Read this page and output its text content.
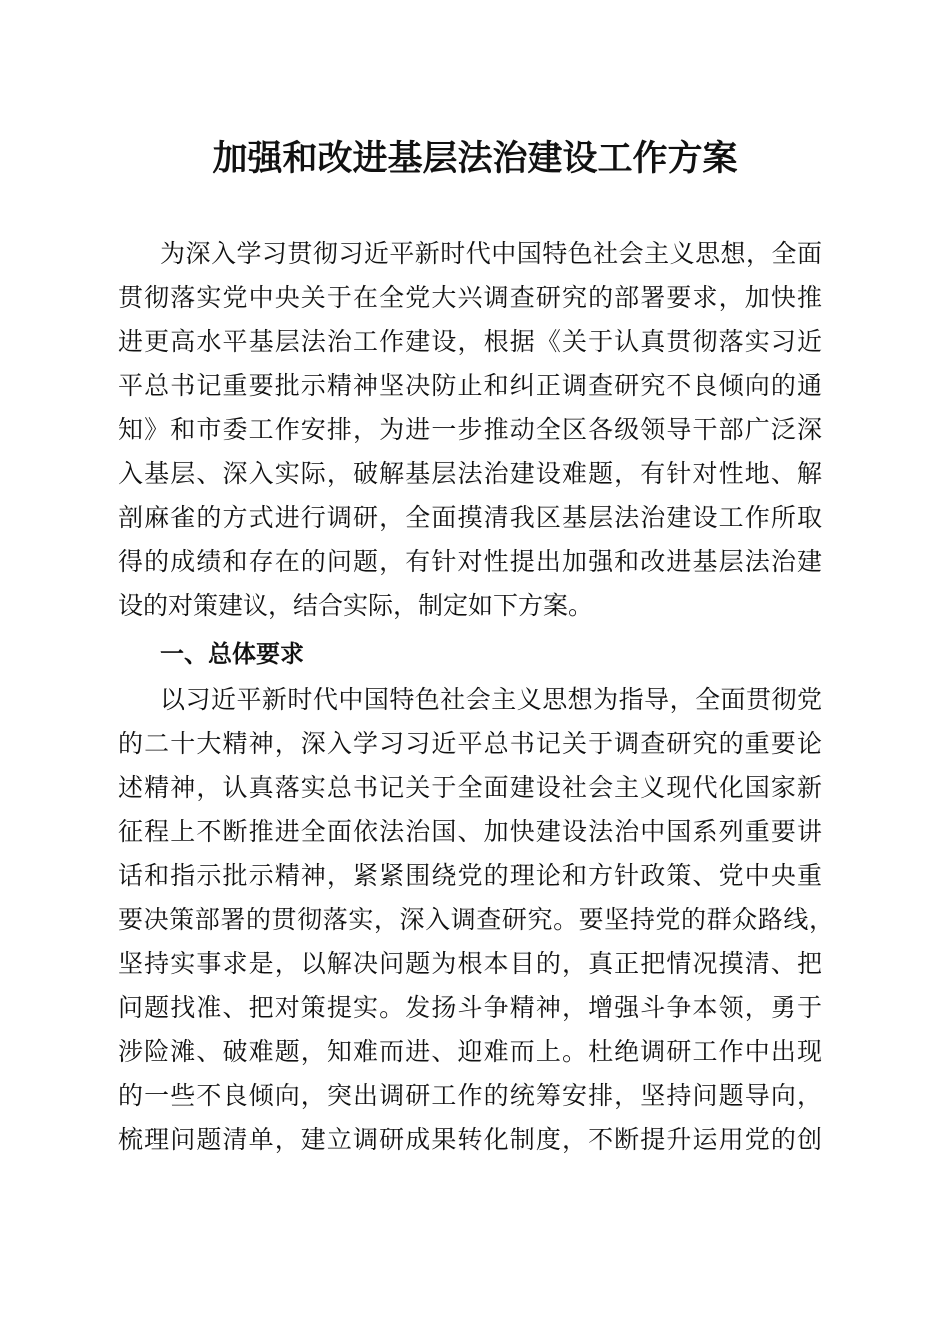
加强和改进基层法治建设工作方案
为深入学习贯彻习近平新时代中国特色社会主义思想，全面
贯彻落实党中央关于在全党大兴调查研究的部署要求，加快推
进更高水平基层法治工作建设，根据《关于认真贯彻落实习近
平总书记重要批示精神坚决防止和纠正调查研究不良倾向的通
知》和市委工作安排，为进一步推动全区各级领导干部广泛深
入基层、深入实际，破解基层法治建设难题，有针对性地、解
剖麻雀的方式进行调研，全面摸清我区基层法治建设工作所取
得的成绩和存在的问题，有针对性提出加强和改进基层法治建
设的对策建议，结合实际，制定如下方案。
一、总体要求
以习近平新时代中国特色社会主义思想为指导，全面贯彻党
的二十大精神，深入学习习近平总书记关于调查研究的重要论
述精神，认真落实总书记关于全面建设社会主义现代化国家新
征程上不断推进全面依法治国、加快建设法治中国系列重要讲
话和指示批示精神，紧紧围绕党的理论和方针政策、党中央重
要决策部署的贯彻落实，深入调查研究。要坚持党的群众路线，
坚持实事求是，以解决问题为根本目的，真正把情况摸清、把
问题找准、把对策提实。发扬斗争精神，增强斗争本领，勇于
涉险滩、破难题，知难而进、迎难而上。杜绝调研工作中出现
的一些不良倾向，突出调研工作的统筹安排，坚持问题导向，
梳理问题清单，建立调研成果转化制度，不断提升运用党的创
